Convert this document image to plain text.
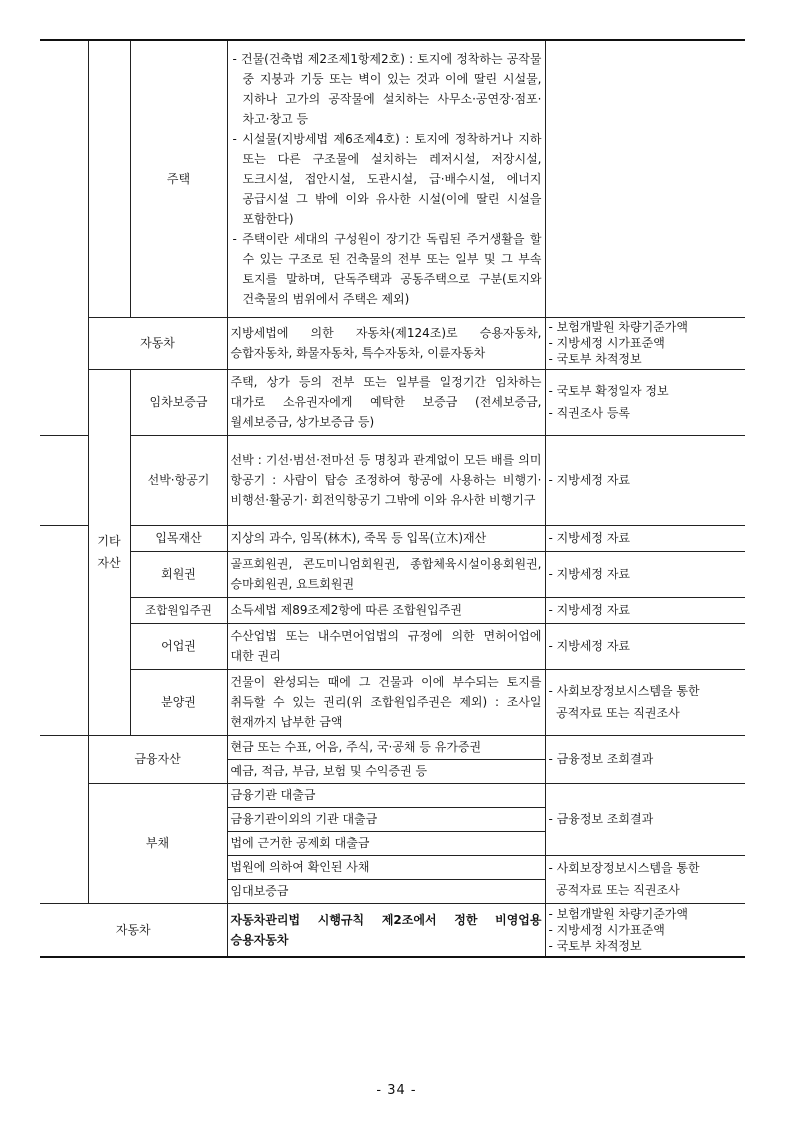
		주택	- 건물(건축법 제2조제1항제2호) : 토지에 정착하는 공작물 중 지붕과 기둥 또는 벽이 있는 것과 이에 딸린 시설물, 지하나 고가의 공작물에 설치하는 사무소·공연장·점포·차고·창고 등
- 시설물(지방세법 제6조제4호) : 토지에 정착하거나 지하 또는 다른 구조물에 설치하는 레저시설, 저장시설, 도크시설, 접안시설, 도관시설, 급·배수시설, 에너지 공급시설 그 밖에 이와 유사한 시설(이에 딸린 시설을 포함한다)
- 주택이란 세대의 구성원이 장기간 독립된 주거생활을 할 수 있는 구조로 된 건축물의 전부 또는 일부 및 그 부속 토지를 말하며, 단독주택과 공동주택으로 구분(토지와 건축물의 범위에서 주택은 제외)	

	자동차		지방세법에 의한 자동차(제124조)로 승용자동차, 승합자동차, 화물자동차, 특수자동차, 이륜자동차	- 보험개발원 차량기준가액
- 지방세정 시가표준액
- 국토부 차적정보

	기타 자산	임차보증금	주택, 상가 등의 전부 또는 일부를 일정기간 임차하는 대가로 소유권자에게 예탁한 보증금 (전세보증금, 월세보증금, 상가보증금 등)	- 국토부 확정일자 정보
- 직권조사 등록

		선박·항공기	선박 : 기선·범선·전마선 등 명칭과 관계없이 모든 배를 의미 항공기 : 사람이 탑승 조정하여 항공에 사용하는 비행기·비행선·활공기· 회전익항공기 그밖에 이와 유사한 비행기구	- 지방세정 자료
		입목재산	지상의 과수, 임목(林木), 죽목 등 입목(立木)재산	- 지방세정 자료
		회원권	골프회원권, 콘도미니엄회원권, 종합체육시설이용회원권, 승마회원권, 요트회원권	- 지방세정 자료
		조합원입주권	소득세법 제89조제2항에 따른 조합원입주권	- 지방세정 자료
		어업권	수산업법 또는 내수면어업법의 규정에 의한 면허어업에 대한 권리	- 지방세정 자료
		분양권	건물이 완성되는 때에 그 건물과 이에 부수되는 토지를 취득할 수 있는 권리(위 조합원입주권은 제외) : 조사일 현재까지 납부한 금액	- 사회보장정보시스템을 통한
공적자료 또는 직권조사

	금융자산		현금 또는 수표, 어음, 주식, 국·공채 등 유가증권	- 금융정보 조회결과
			예금, 적금, 부금, 보험 및 수익증권 등	
	부채		금융기관 대출금	- 금융정보 조회결과
			금융기관이외의 기관 대출금	
			법에 근거한 공제회 대출금	
			법원에 의하여 확인된 사채	- 사회보장정보시스템을 통한
공적자료 또는 직권조사

			임대보증금	
자동차			자동차관리법 시행규칙 제2조에서 정한 비영업용 승용자동차	- 보험개발원 차량기준가액
- 지방세정 시가표준액
- 국토부 차적정보
- 34 -
